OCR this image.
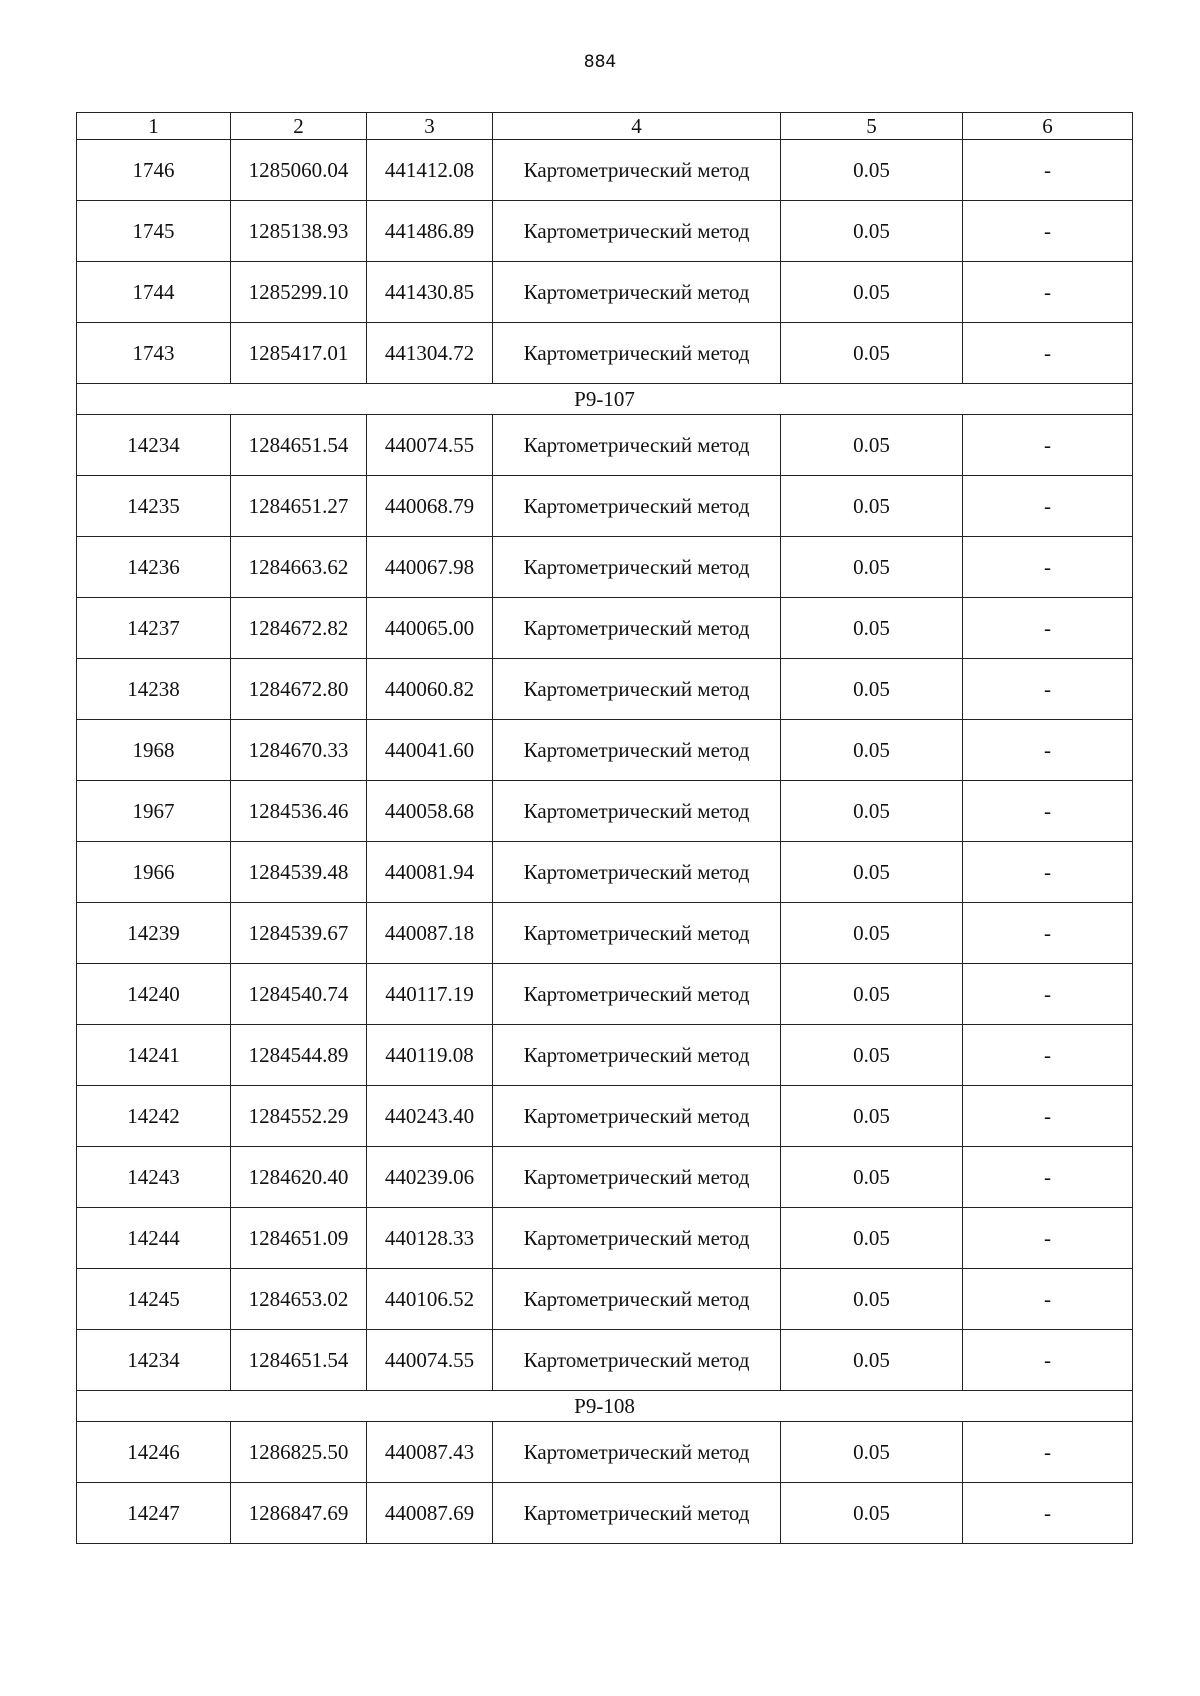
884
1	2	3	4	5	6
1746	1285060.04	441412.08	Картометрический метод	0.05	-
1745	1285138.93	441486.89	Картометрический метод	0.05	-
1744	1285299.10	441430.85	Картометрический метод	0.05	-
1743	1285417.01	441304.72	Картометрический метод	0.05	-
Р9-107					
14234	1284651.54	440074.55	Картометрический метод	0.05	-
14235	1284651.27	440068.79	Картометрический метод	0.05	-
14236	1284663.62	440067.98	Картометрический метод	0.05	-
14237	1284672.82	440065.00	Картометрический метод	0.05	-
14238	1284672.80	440060.82	Картометрический метод	0.05	-
1968	1284670.33	440041.60	Картометрический метод	0.05	-
1967	1284536.46	440058.68	Картометрический метод	0.05	-
1966	1284539.48	440081.94	Картометрический метод	0.05	-
14239	1284539.67	440087.18	Картометрический метод	0.05	-
14240	1284540.74	440117.19	Картометрический метод	0.05	-
14241	1284544.89	440119.08	Картометрический метод	0.05	-
14242	1284552.29	440243.40	Картометрический метод	0.05	-
14243	1284620.40	440239.06	Картометрический метод	0.05	-
14244	1284651.09	440128.33	Картометрический метод	0.05	-
14245	1284653.02	440106.52	Картометрический метод	0.05	-
14234	1284651.54	440074.55	Картометрический метод	0.05	-
Р9-108					
14246	1286825.50	440087.43	Картометрический метод	0.05	-
14247	1286847.69	440087.69	Картометрический метод	0.05	-
